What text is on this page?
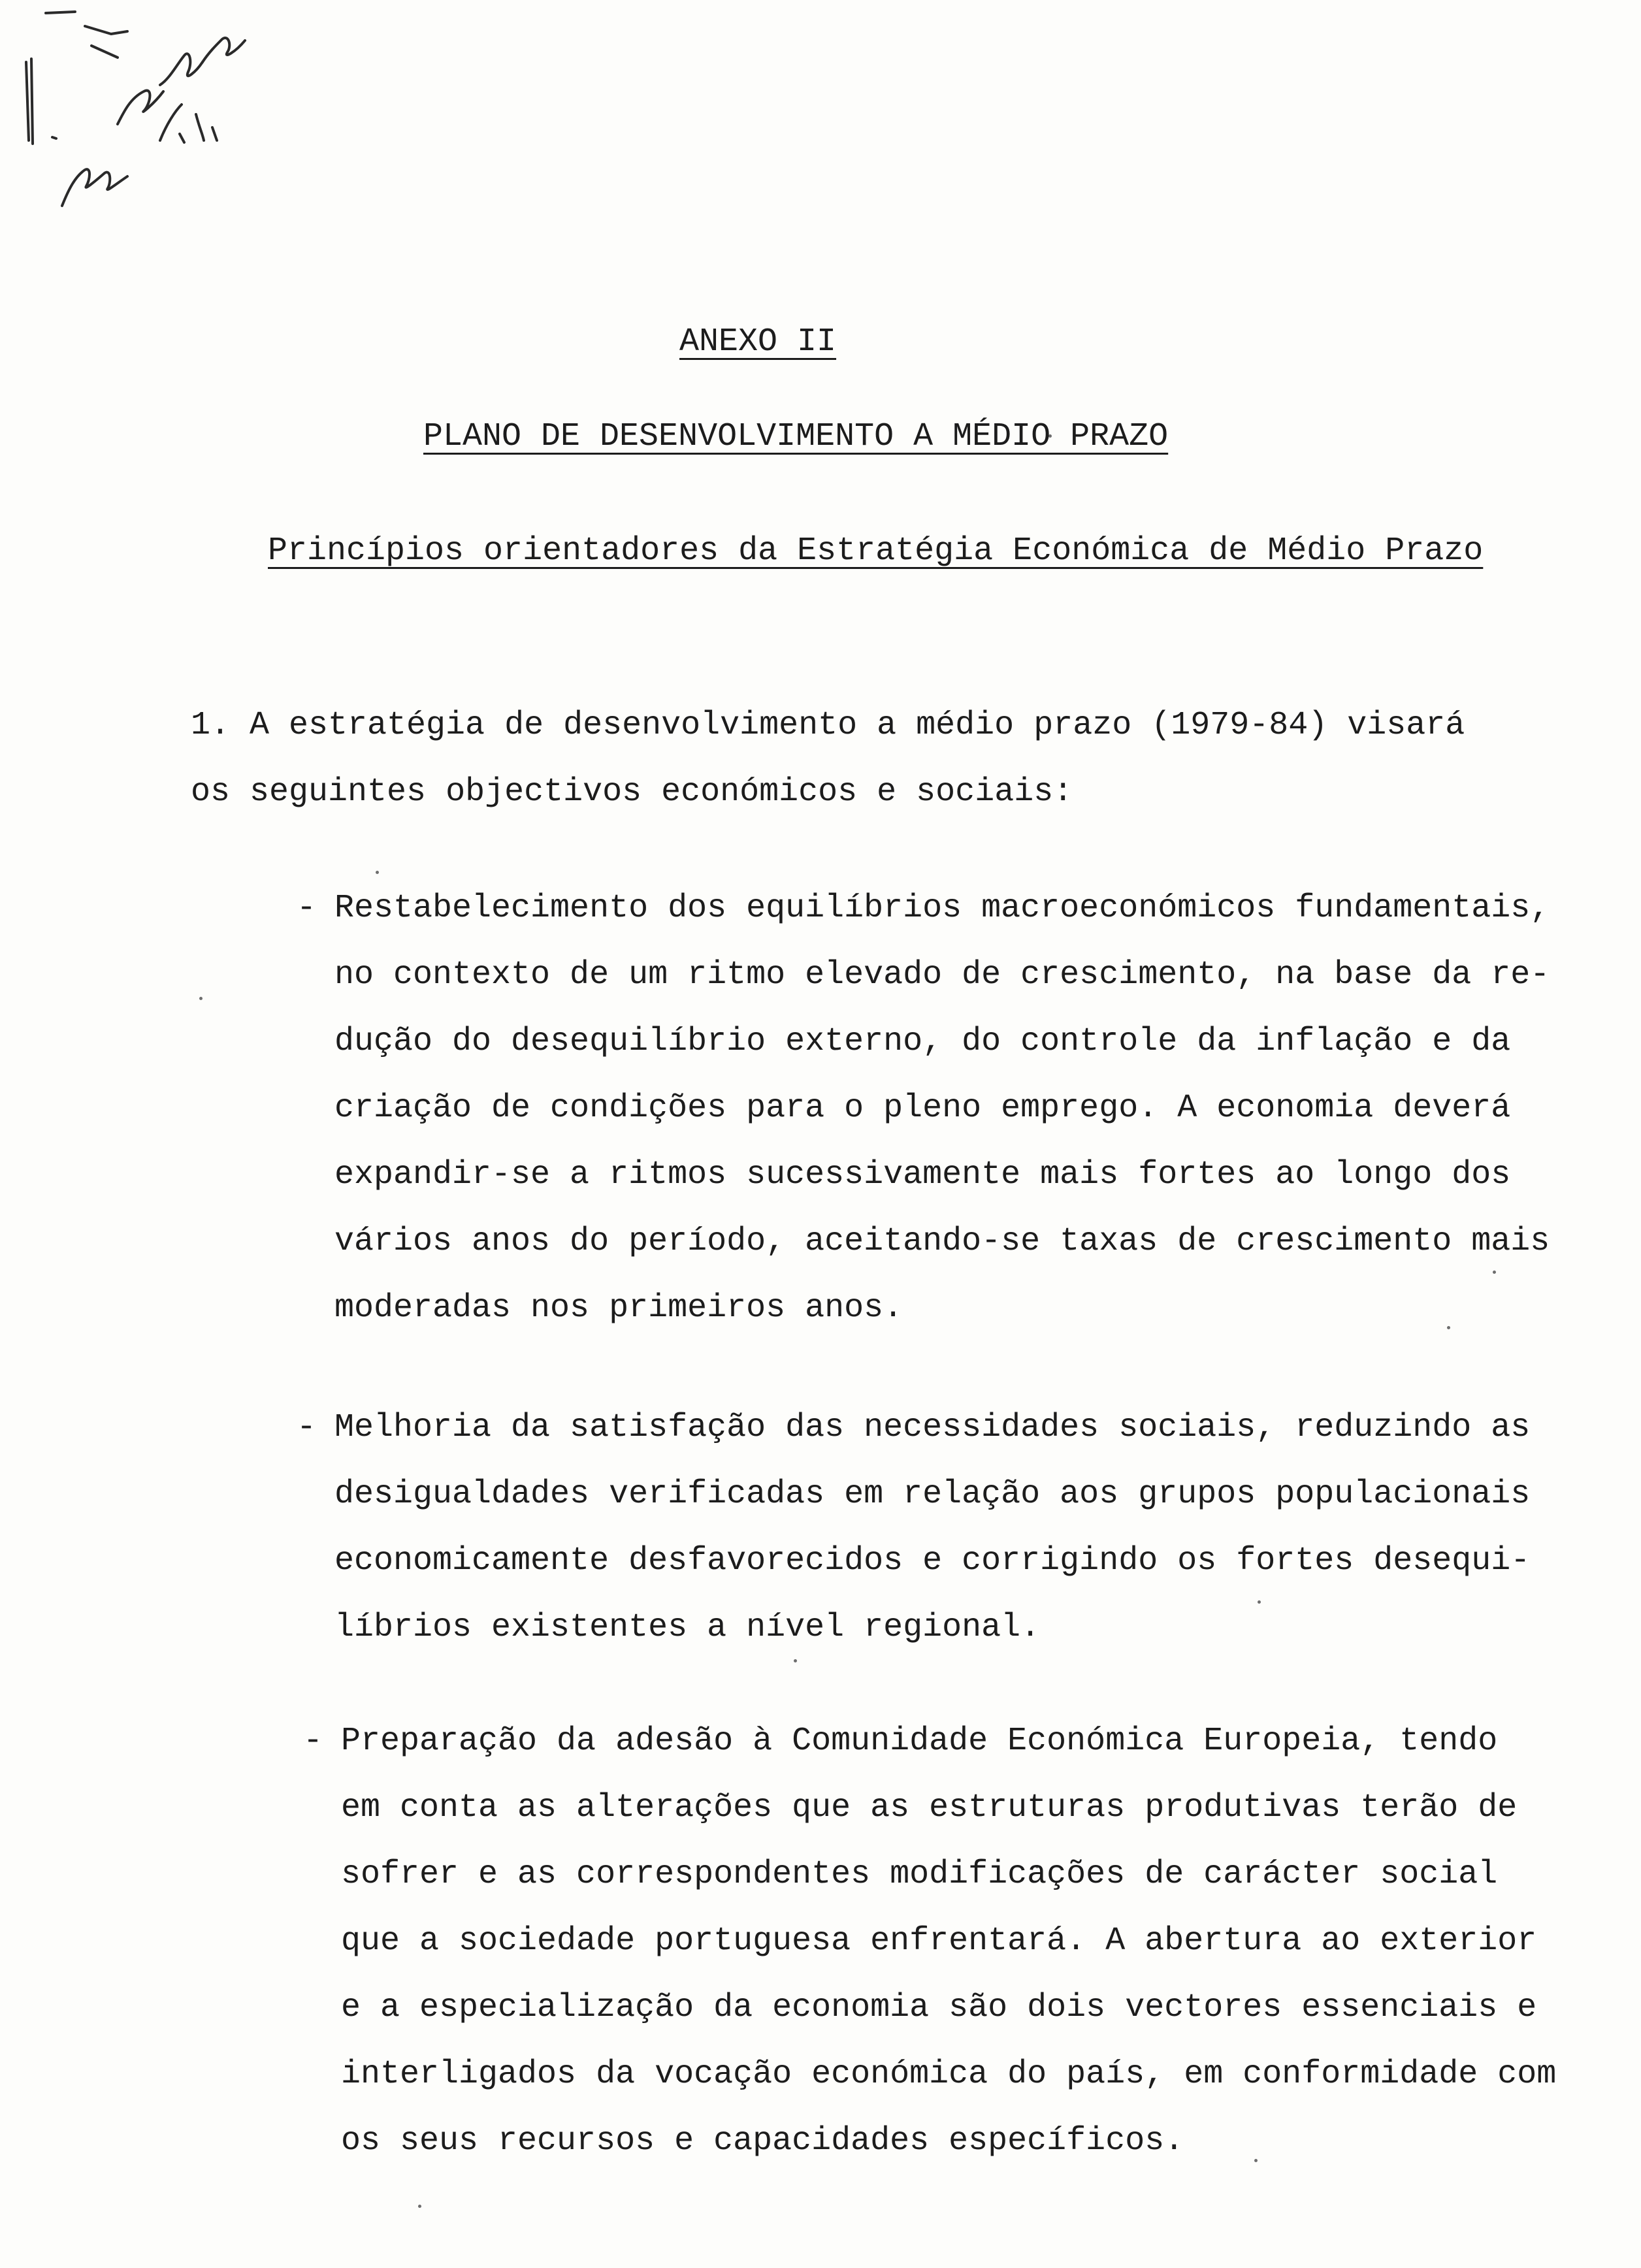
ANEXO II
PLANO DE DESENVOLVIMENTO A MÉDIO PRAZO
Princípios orientadores da Estratégia Económica de Médio Prazo
1. A estratégia de desenvolvimento a médio prazo (1979-84) visará
os seguintes objectivos económicos e sociais:
- Restabelecimento dos equilíbrios macroeconómicos fundamentais,
no contexto de um ritmo elevado de crescimento, na base da re-
dução do desequilíbrio externo, do controle da inflação e da
criação de condições para o pleno emprego. A economia deverá
expandir-se a ritmos sucessivamente mais fortes ao longo dos
vários anos do período, aceitando-se taxas de crescimento mais
moderadas nos primeiros anos.
- Melhoria da satisfação das necessidades sociais, reduzindo as
desigualdades verificadas em relação aos grupos populacionais
economicamente desfavorecidos e corrigindo os fortes desequi-
líbrios existentes a nível regional.
- Preparação da adesão à Comunidade Económica Europeia, tendo
em conta as alterações que as estruturas produtivas terão de
sofrer e as correspondentes modificações de carácter social
que a sociedade portuguesa enfrentará. A abertura ao exterior
e a especialização da economia são dois vectores essenciais e
interligados da vocação económica do país, em conformidade com
os seus recursos e capacidades específicos.
